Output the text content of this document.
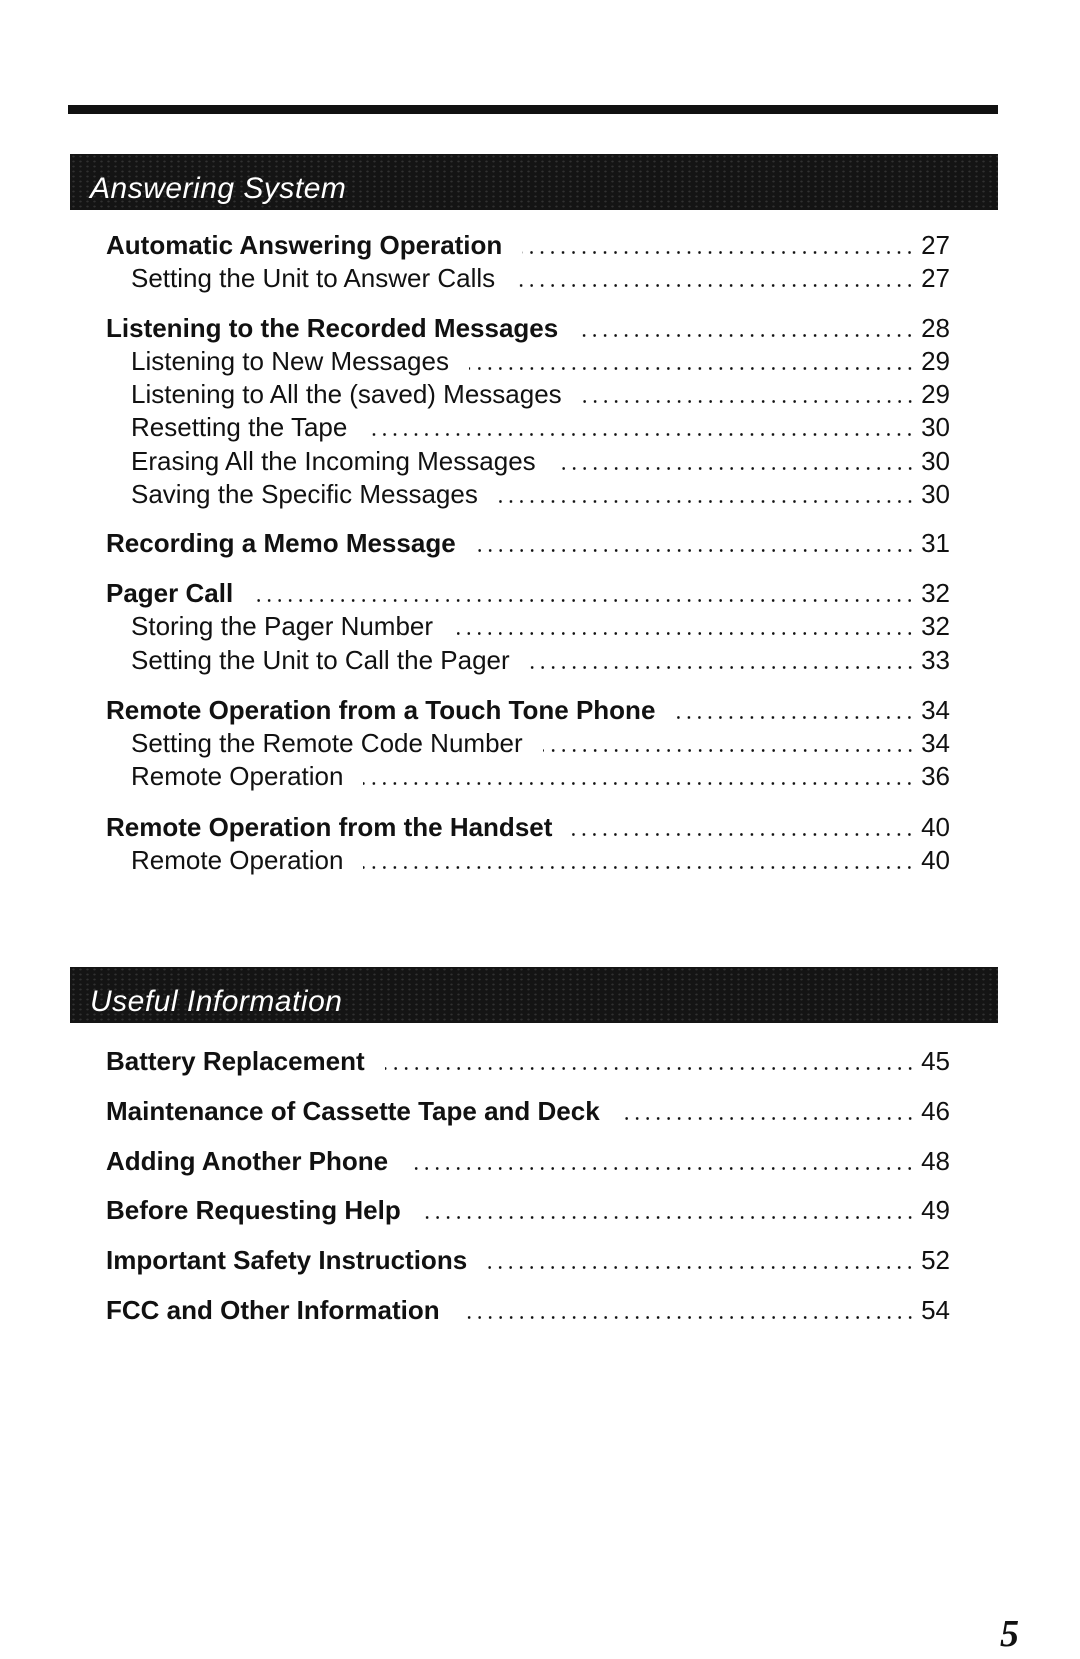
Answering System
Automatic Answering Operation	27
Setting the Unit to Answer Calls	27
Listening to the Recorded Messages	28
Listening to New Messages	29
Listening to All the (saved) Messages	29
Resetting the Tape	30
Erasing All the Incoming Messages	30
Saving the Specific Messages	30
Recording a Memo Message	31
Pager Call	32
Storing the Pager Number	32
Setting the Unit to Call the Pager	33
Remote Operation from a Touch Tone Phone	34
Setting the Remote Code Number	34
Remote Operation	36
Remote Operation from the Handset	40
Remote Operation	40
Useful Information
Battery Replacement	45
Maintenance of Cassette Tape and Deck	46
Adding Another Phone	48
Before Requesting Help	49
Important Safety Instructions	52
FCC and Other Information	54
5
